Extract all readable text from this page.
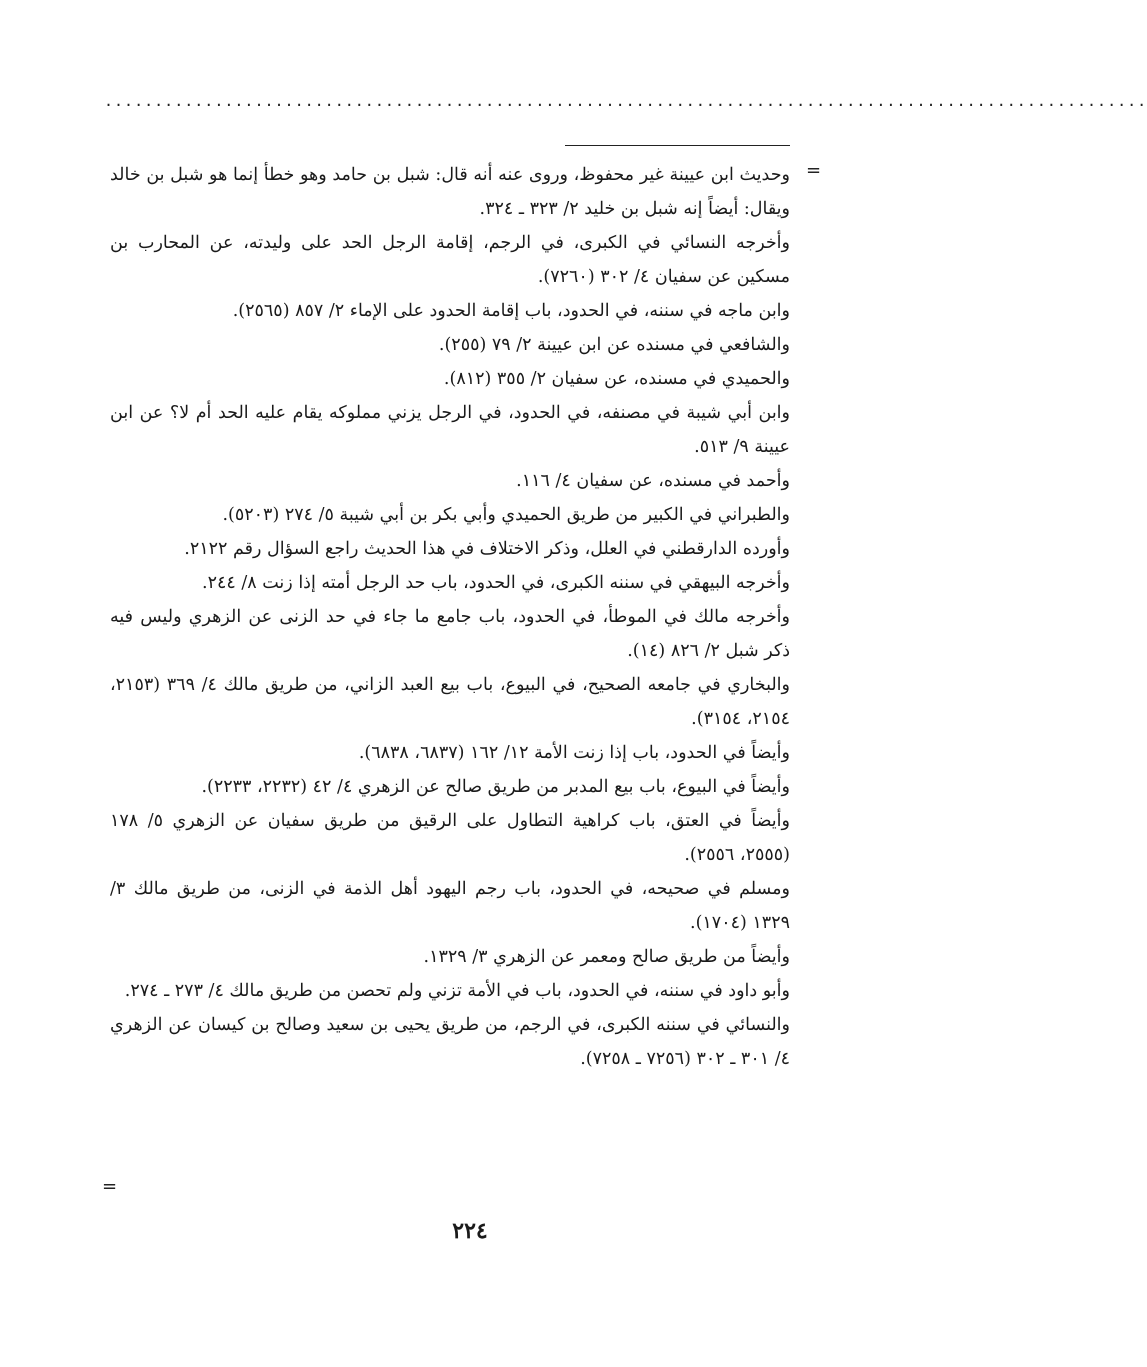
........................................................................................................
=
=

وحديث ابن عيينة غير محفوظ، وروى عنه أنه قال: شبل بن حامد وهو خطأ إنما هو شبل بن خالد ويقال: أيضاً إنه شبل بن خليد ٢/ ٣٢٣ ـ ٣٢٤.

وأخرجه النسائي في الكبرى، في الرجم، إقامة الرجل الحد على وليدته، عن المحارب بن مسكين عن سفيان ٤/ ٣٠٢ (٧٢٦٠).

وابن ماجه في سننه، في الحدود، باب إقامة الحدود على الإماء ٢/ ٨٥٧ (٢٥٦٥).

والشافعي في مسنده عن ابن عيينة ٢/ ٧٩ (٢٥٥).

والحميدي في مسنده، عن سفيان ٢/ ٣٥٥ (٨١٢).

وابن أبي شيبة في مصنفه، في الحدود، في الرجل يزني مملوكه يقام عليه الحد أم لا؟ عن ابن عيينة ٩/ ٥١٣.

وأحمد في مسنده، عن سفيان ٤/ ١١٦.

والطبراني في الكبير من طريق الحميدي وأبي بكر بن أبي شيبة ٥/ ٢٧٤ (٥٢٠٣).

وأورده الدارقطني في العلل، وذكر الاختلاف في هذا الحديث راجع السؤال رقم ٢١٢٢.

وأخرجه البيهقي في سننه الكبرى، في الحدود، باب حد الرجل أمته إذا زنت ٨/ ٢٤٤.

وأخرجه مالك في الموطأ، في الحدود، باب جامع ما جاء في حد الزنى عن الزهري وليس فيه ذكر شبل ٢/ ٨٢٦ (١٤).

والبخاري في جامعه الصحيح، في البيوع، باب بيع العبد الزاني، من طريق مالك ٤/ ٣٦٩ (٢١٥٣، ٢١٥٤، ٣١٥٤).

وأيضاً في الحدود، باب إذا زنت الأمة ١٢/ ١٦٢ (٦٨٣٧، ٦٨٣٨).

وأيضاً في البيوع، باب بيع المدبر من طريق صالح عن الزهري ٤/ ٤٢ (٢٢٣٢، ٢٢٣٣).

وأيضاً في العتق، باب كراهية التطاول على الرقيق من طريق سفيان عن الزهري ٥/ ١٧٨ (٢٥٥٥، ٢٥٥٦).

ومسلم في صحيحه، في الحدود، باب رجم اليهود أهل الذمة في الزنى، من طريق مالك ٣/ ١٣٢٩ (١٧٠٤).

وأيضاً من طريق صالح ومعمر عن الزهري ٣/ ١٣٢٩.

وأبو داود في سننه، في الحدود، باب في الأمة تزني ولم تحصن من طريق مالك ٤/ ٢٧٣ ـ ٢٧٤.

والنسائي في سننه الكبرى، في الرجم، من طريق يحيى بن سعيد وصالح بن كيسان عن الزهري ٤/ ٣٠١ ـ ٣٠٢ (٧٢٥٦ ـ ٧٢٥٨).

٢٢٤
